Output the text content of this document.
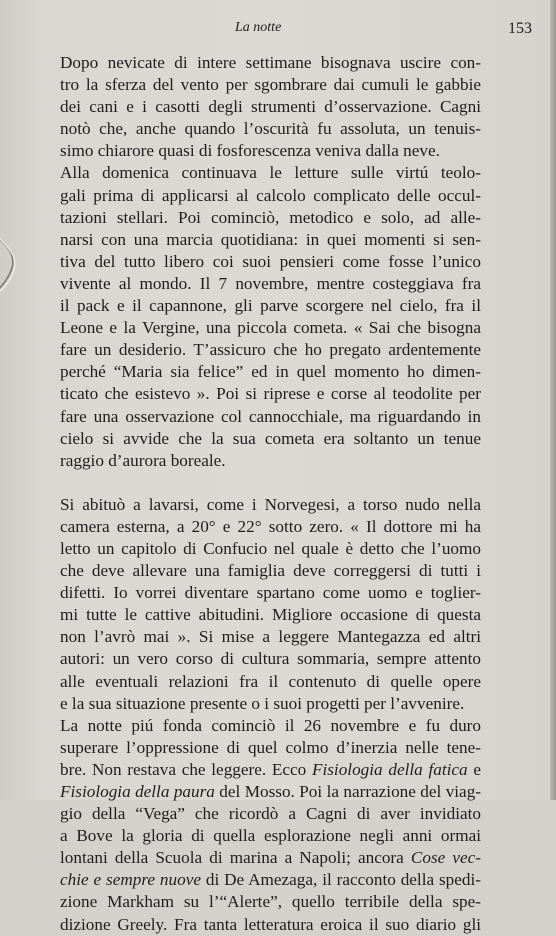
La notte	153
Dopo nevicate di intere settimane bisognava uscire con-
tro la sferza del vento per sgombrare dai cumuli le gabbie
dei cani e i casotti degli strumenti d’osservazione. Cagni
notò che, anche quando l’oscurità fu assoluta, un tenuis-
simo chiarore quasi di fosforescenza veniva dalla neve.
Alla domenica continuava le letture sulle virtú teolo-
gali prima di applicarsi al calcolo complicato delle occul-
tazioni stellari. Poi cominciò, metodico e solo, ad alle-
narsi con una marcia quotidiana: in quei momenti si sen-
tiva del tutto libero coi suoi pensieri come fosse l’unico
vivente al mondo. Il 7 novembre, mentre costeggiava fra
il pack e il capannone, gli parve scorgere nel cielo, fra il
Leone e la Vergine, una piccola cometa. « Sai che bisogna
fare un desiderio. T’assicuro che ho pregato ardentemente
perché “Maria sia felice” ed in quel momento ho dimen-
ticato che esistevo ». Poi si riprese e corse al teodolite per
fare una osservazione col cannocchiale, ma riguardando in
cielo si avvide che la sua cometa era soltanto un tenue
raggio d’aurora boreale.
Si abituò a lavarsi, come i Norvegesi, a torso nudo nella
camera esterna, a 20° e 22° sotto zero. « Il dottore mi ha
letto un capitolo di Confucio nel quale è detto che l’uomo
che deve allevare una famiglia deve correggersi di tutti i
difetti. Io vorrei diventare spartano come uomo e toglier-
mi tutte le cattive abitudini. Migliore occasione di questa
non l’avrò mai ». Si mise a leggere Mantegazza ed altri
autori: un vero corso di cultura sommaria, sempre attento
alle eventuali relazioni fra il contenuto di quelle opere
e la sua situazione presente o i suoi progetti per l’avvenire.
La notte piú fonda cominciò il 26 novembre e fu duro
superare l’oppressione di quel colmo d’inerzia nelle tene-
bre. Non restava che leggere. Ecco Fisiologia della fatica e
Fisiologia della paura del Mosso. Poi la narrazione del viag-
gio della “Vega” che ricordò a Cagni di aver invidiato
a Bove la gloria di quella esplorazione negli anni ormai
lontani della Scuola di marina a Napoli; ancora Cose vec-
chie e sempre nuove di De Amezaga, il racconto della spedi-
zione Markham su l’“Alerte”, quello terribile della spe-
dizione Greely. Fra tanta letteratura eroica il suo diario gli
